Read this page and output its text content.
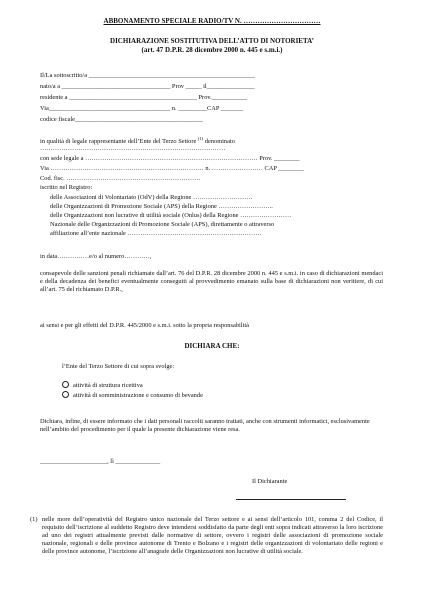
ABBONAMENTO SPECIALE RADIO/TV N. ……………………………
DICHIARAZIONE SOSTITUTIVA DELL’ATTO DI NOTORIETA’
(art. 47 D.P.R. 28 dicembre 2000 n. 445 e s.m.i.)
Il/La sottoscritto/a ____________________________________________________
nato/a a __________________________________ Prov _____ il_______________
residente a ________________________________________ Prov.___________
Via______________________________________ n. _________CAP _______
codice fiscale________________________________________
in qualità di legale rappresentante dell’Ente del Terzo Settore $^{(1)}$ denominato
……………………………………………………………………………
con sede legale a ……………………………………………………………………… Prov. ________
Via ……………………………………………………………… n. …………………… CAP ________
Cod. fisc. ………………………………………………………
iscritto nel Registro:
delle Associazioni di Volontariato (OdV) della Regione ……………………….
delle Organizzazioni di Promozione Sociale (APS) della Regione ……………………..
delle Organizzazioni non lucrative di utilità sociale (Onlus) della Regione ……………………
Nazionale delle Organizzazioni di Promozione Sociale (APS), direttamente o attraverso
affiliazione all’ente nazionale ………………………………………………………
in data……………e/o al numero…………,
consapevole delle sanzioni penali richiamate dall’art. 76 del D.P.R. 28 dicembre 2000 n. 445 e s.m.i. in caso di dichiarazioni mendaci e della decadenza dei benefici eventualmente conseguiti al provvedimento emanato sulla base di dichiarazioni non veritiere, di cui all’art. 75 del richiamato D.P.R.,
ai sensi e per gli effetti del D.P.R. 445/2000 e s.m.i. sotto la propria responsabilità
DICHIARA CHE:
l’Ente del Terzo Settore di cui sopra svolge:
attività di struttura ricettiva
attività di somministrazione e consumo di bevande
Dichiara, infine, di essere informato che i dati personali raccolti saranno trattati, anche con strumenti informatici, esclusivamente nell’ambito del procedimento per il quale la presente dichiarazione viene resa.
_____________________, lì ______________
Il Dichiarante
(1) nelle more dell’operatività del Registro unico nazionale del Terzo settore e ai sensi dell’articolo 101, comma 2 del Codice, il requisito dell’iscrizione al suddetto Registro deve intendersi soddisfatto da parte degli enti sopra indicati attraverso la loro iscrizione ad uno dei registri attualmente previsti dalle normative di settore, ovvero i registri delle associazioni di promozione sociale nazionale, regionali e delle province autonome di Trento e Bolzano e i registri delle organizzazioni di volontariato delle regioni e delle province autonome, l’iscrizione all’anagrafe delle Organizzazioni non lucrative di utilità sociale.
